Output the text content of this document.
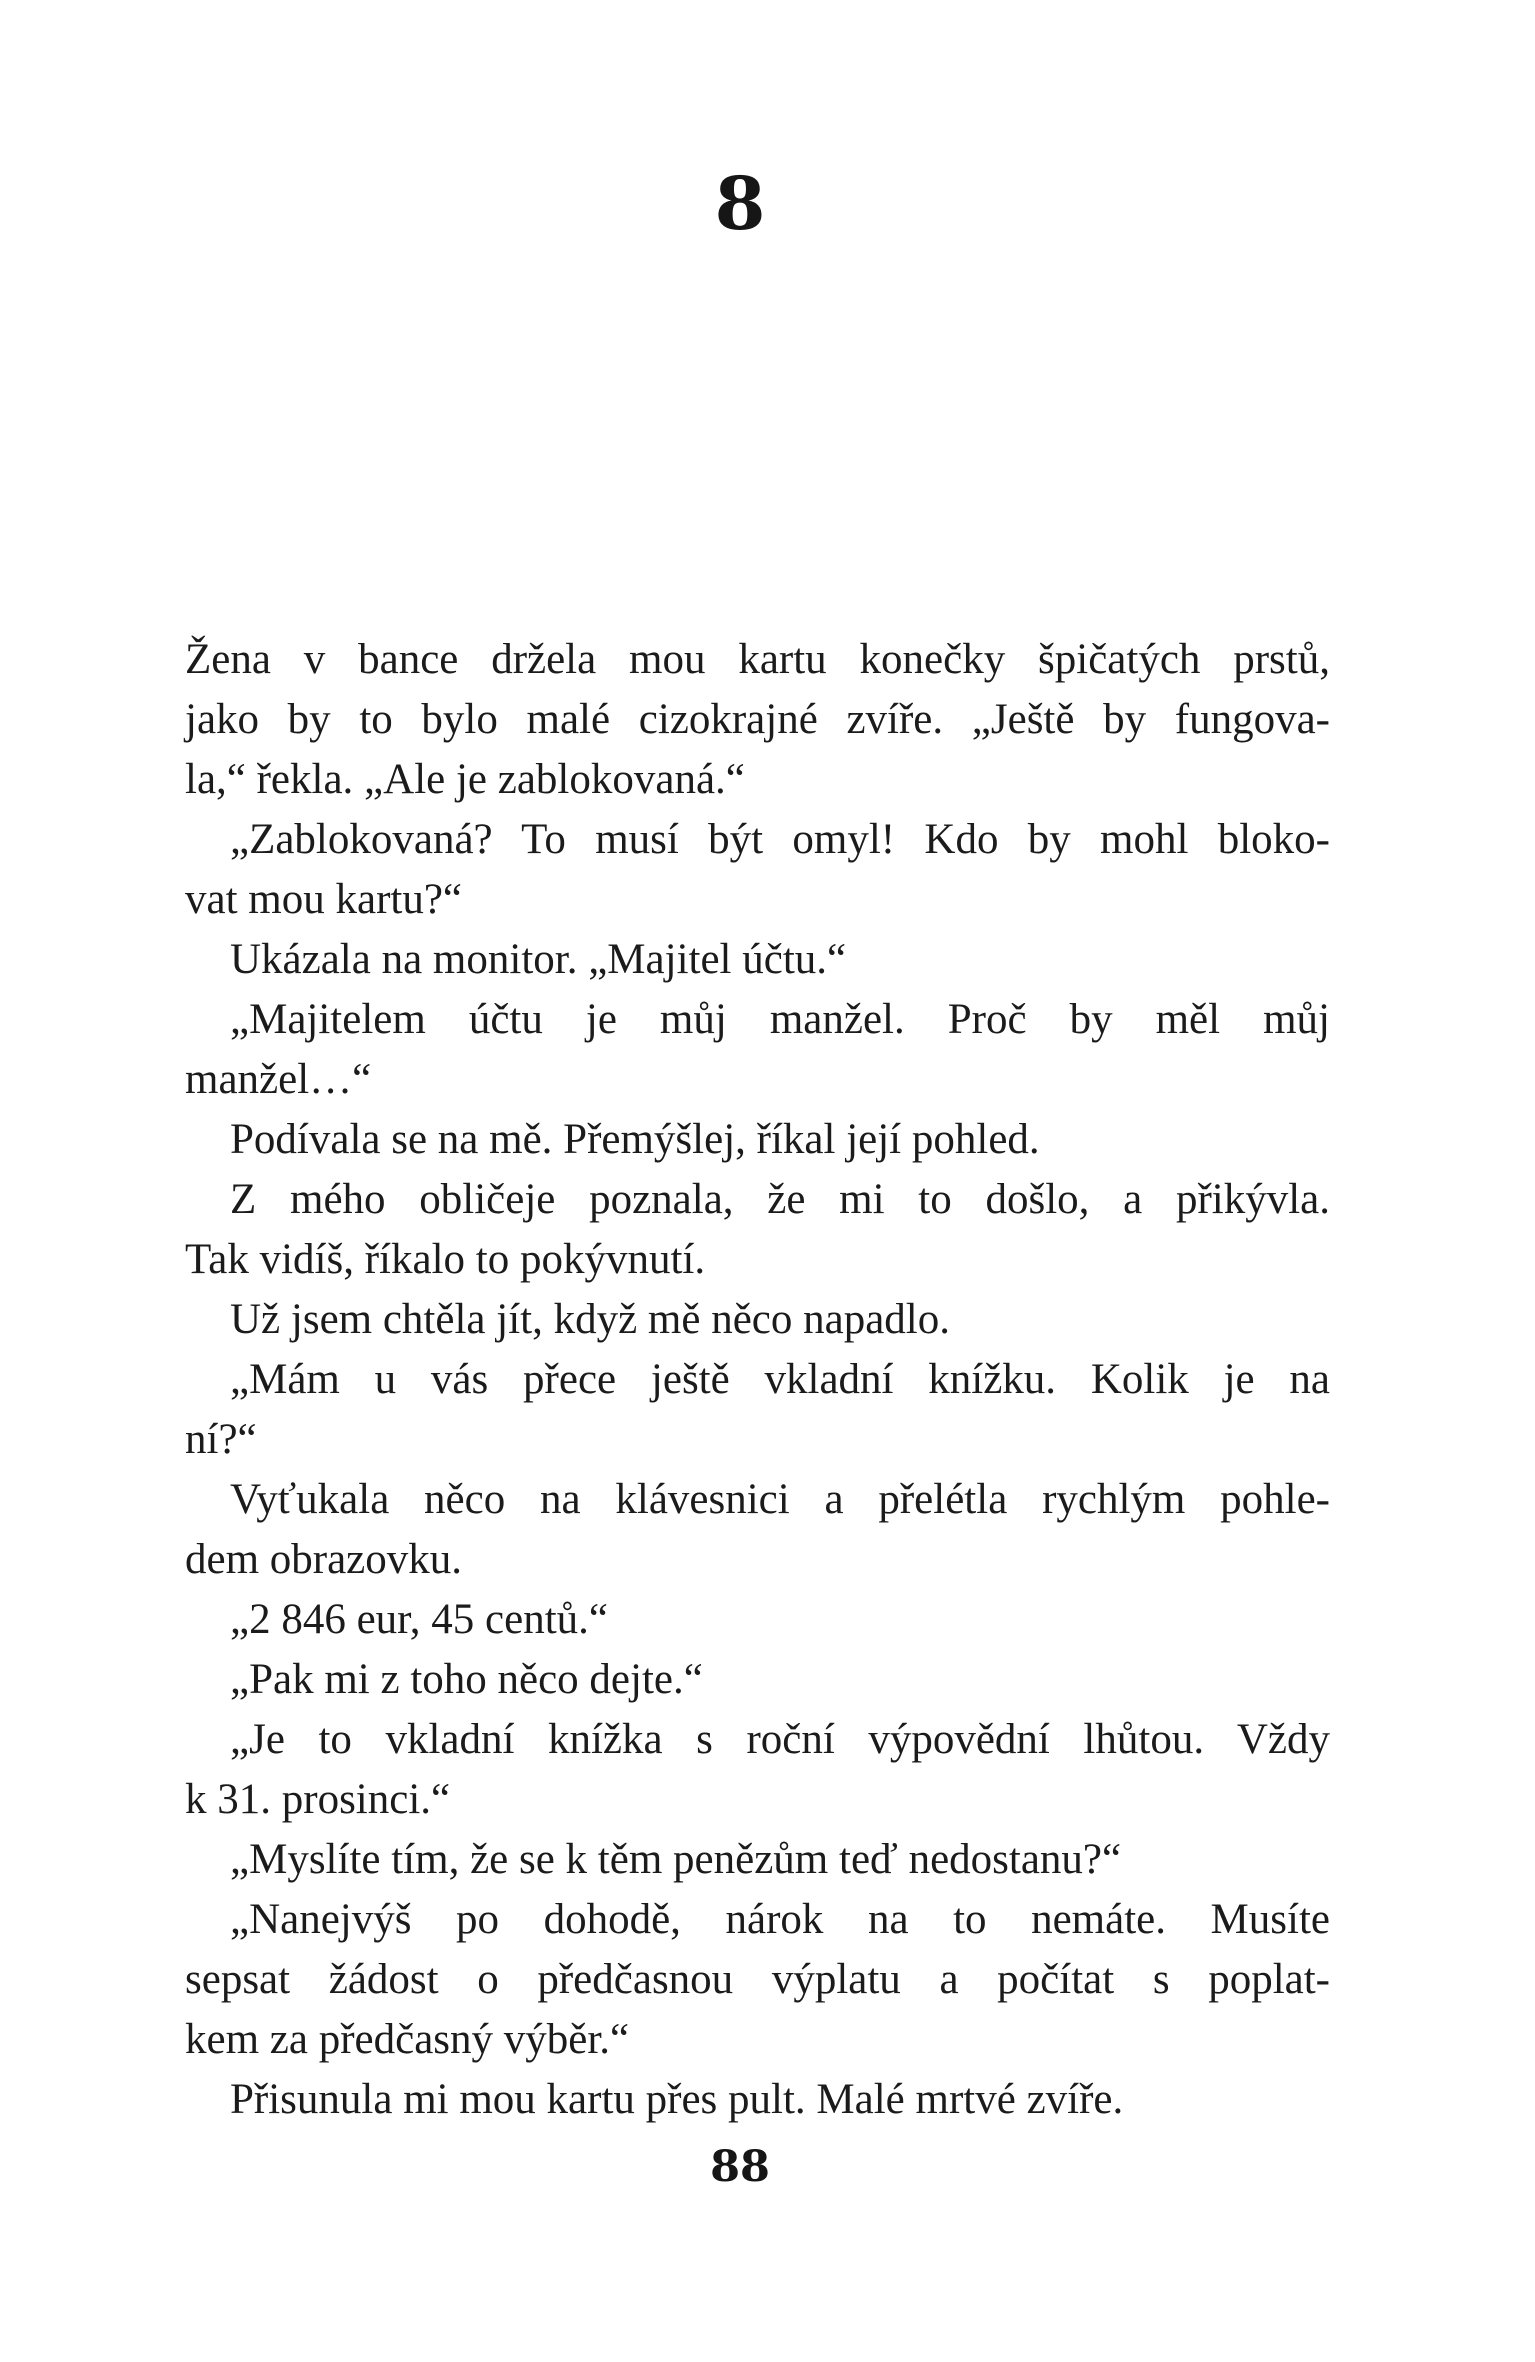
8
Žena v bance držela mou kartu konečky špičatých prstů,
jako by to bylo malé cizokrajné zvíře. „Ještě by fungova-
la,“ řekla. „Ale je zablokovaná.“
„Zablokovaná? To musí být omyl! Kdo by mohl bloko-
vat mou kartu?“
Ukázala na monitor. „Majitel účtu.“
„Majitelem účtu je můj manžel. Proč by měl můj
manžel…“
Podívala se na mě. Přemýšlej, říkal její pohled.
Z mého obličeje poznala, že mi to došlo, a přikývla.
Tak vidíš, říkalo to pokývnutí.
Už jsem chtěla jít, když mě něco napadlo.
„Mám u vás přece ještě vkladní knížku. Kolik je na
ní?“
Vyťukala něco na klávesnici a přelétla rychlým pohle-
dem obrazovku.
„2 846 eur, 45 centů.“
„Pak mi z toho něco dejte.“
„Je to vkladní knížka s roční výpovědní lhůtou. Vždy
k 31. prosinci.“
„Myslíte tím, že se k těm penězům teď nedostanu?“
„Nanejvýš po dohodě, nárok na to nemáte. Musíte
sepsat žádost o předčasnou výplatu a počítat s poplat-
kem za předčasný výběr.“
Přisunula mi mou kartu přes pult. Malé mrtvé zvíře.
88
